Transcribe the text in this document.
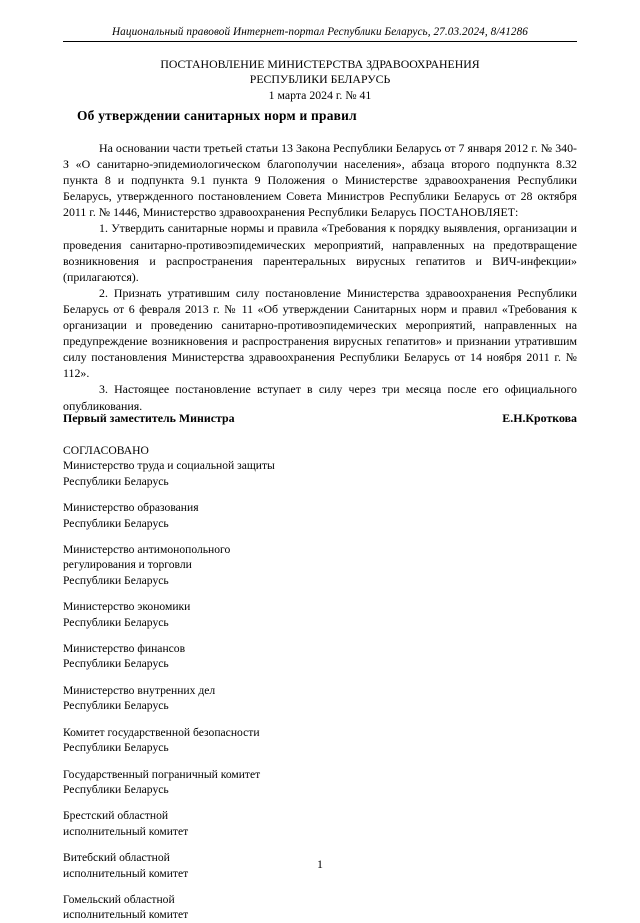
Национальный правовой Интернет-портал Республики Беларусь, 27.03.2024, 8/41286
ПОСТАНОВЛЕНИЕ МИНИСТЕРСТВА ЗДРАВООХРАНЕНИЯ
РЕСПУБЛИКИ БЕЛАРУСЬ
1 марта 2024 г. № 41
Об утверждении санитарных норм и правил

На основании части третьей статьи 13 Закона Республики Беларусь от 7 января 2012 г. № 340-З «О санитарно-эпидемиологическом благополучии населения», абзаца второго подпункта 8.32 пункта 8 и подпункта 9.1 пункта 9 Положения о Министерстве здравоохранения Республики Беларусь, утвержденного постановлением Совета Министров Республики Беларусь от 28 октября 2011 г. № 1446, Министерство здравоохранения Республики Беларусь ПОСТАНОВЛЯЕТ:

1. Утвердить санитарные нормы и правила «Требования к порядку выявления, организации и проведения санитарно-противоэпидемических мероприятий, направленных на предотвращение возникновения и распространения парентеральных вирусных гепатитов и ВИЧ-инфекции» (прилагаются).

2. Признать утратившим силу постановление Министерства здравоохранения Республики Беларусь от 6 февраля 2013 г. № 11 «Об утверждении Санитарных норм и правил «Требования к организации и проведению санитарно-противоэпидемических мероприятий, направленных на предупреждение возникновения и распространения вирусных гепатитов» и признании утратившим силу постановления Министерства здравоохранения Республики Беларусь от 14 ноября 2011 г. № 112».

3. Настоящее постановление вступает в силу через три месяца после его официального опубликования.

Первый заместитель Министра	Е.Н.Кроткова
СОГЛАСОВАНО
Министерство труда и социальной защиты
Республики Беларусь
Министерство образования
Республики Беларусь
Министерство антимонопольного
регулирования и торговли
Республики Беларусь
Министерство экономики
Республики Беларусь
Министерство финансов
Республики Беларусь
Министерство внутренних дел
Республики Беларусь
Комитет государственной безопасности
Республики Беларусь
Государственный пограничный комитет
Республики Беларусь
Брестский областной
исполнительный комитет
Витебский областной
исполнительный комитет
Гомельский областной
исполнительный комитет
1
